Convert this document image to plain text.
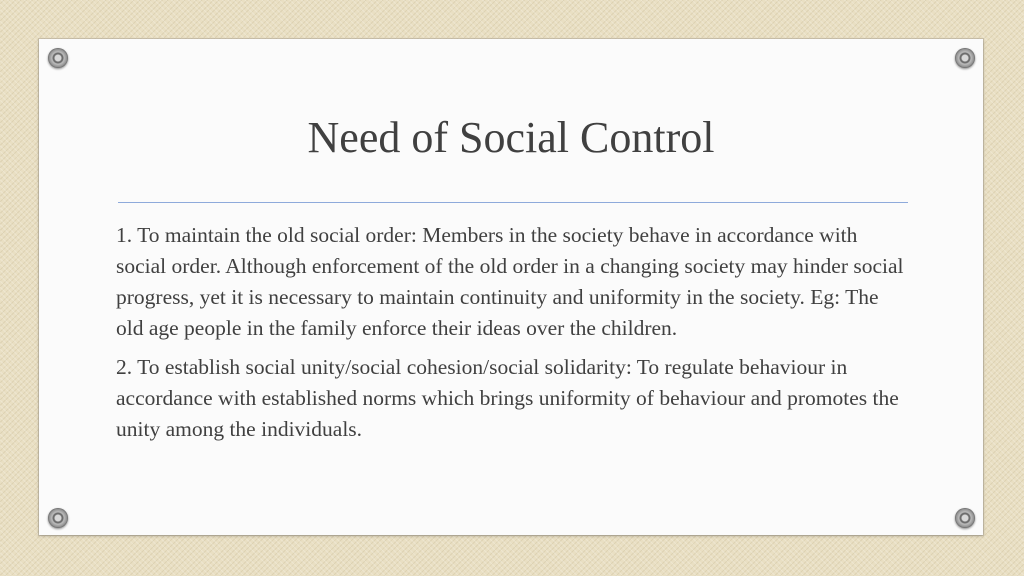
Need of Social Control

1. To maintain the old social order: Members in the society behave in accordance with social order. Although enforcement of the old order in a changing society may hinder social progress, yet it is necessary to maintain continuity and uniformity in the society. Eg: The old age people in the family enforce their ideas over the children.

2. To establish social unity/social cohesion/social solidarity: To regulate behaviour in accordance with established norms which brings uniformity of behaviour and promotes the unity among the individuals.
